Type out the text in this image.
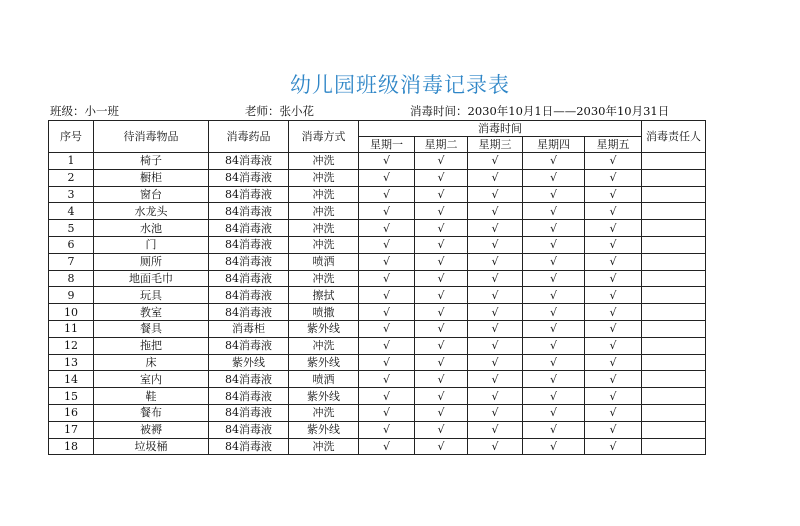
幼儿园班级消毒记录表
班级：小一班	老师：张小花	消毒时间：2030年10月1日——2030年10月31日
序号	待消毒物品	消毒药品	消毒方式	消毒时间					消毒责任人
				星期一	星期二	星期三	星期四	星期五	
1	椅子	84消毒液	冲洗	√	√	√	√	√	
2	橱柜	84消毒液	冲洗	√	√	√	√	√	
3	窗台	84消毒液	冲洗	√	√	√	√	√	
4	水龙头	84消毒液	冲洗	√	√	√	√	√	
5	水池	84消毒液	冲洗	√	√	√	√	√	
6	门	84消毒液	冲洗	√	√	√	√	√	
7	厕所	84消毒液	喷洒	√	√	√	√	√	
8	地面毛巾	84消毒液	冲洗	√	√	√	√	√	
9	玩具	84消毒液	擦拭	√	√	√	√	√	
10	教室	84消毒液	喷撒	√	√	√	√	√	
11	餐具	消毒柜	紫外线	√	√	√	√	√	
12	拖把	84消毒液	冲洗	√	√	√	√	√	
13	床	紫外线	紫外线	√	√	√	√	√	
14	室内	84消毒液	喷洒	√	√	√	√	√	
15	鞋	84消毒液	紫外线	√	√	√	√	√	
16	餐布	84消毒液	冲洗	√	√	√	√	√	
17	被褥	84消毒液	紫外线	√	√	√	√	√	
18	垃圾桶	84消毒液	冲洗	√	√	√	√	√	
